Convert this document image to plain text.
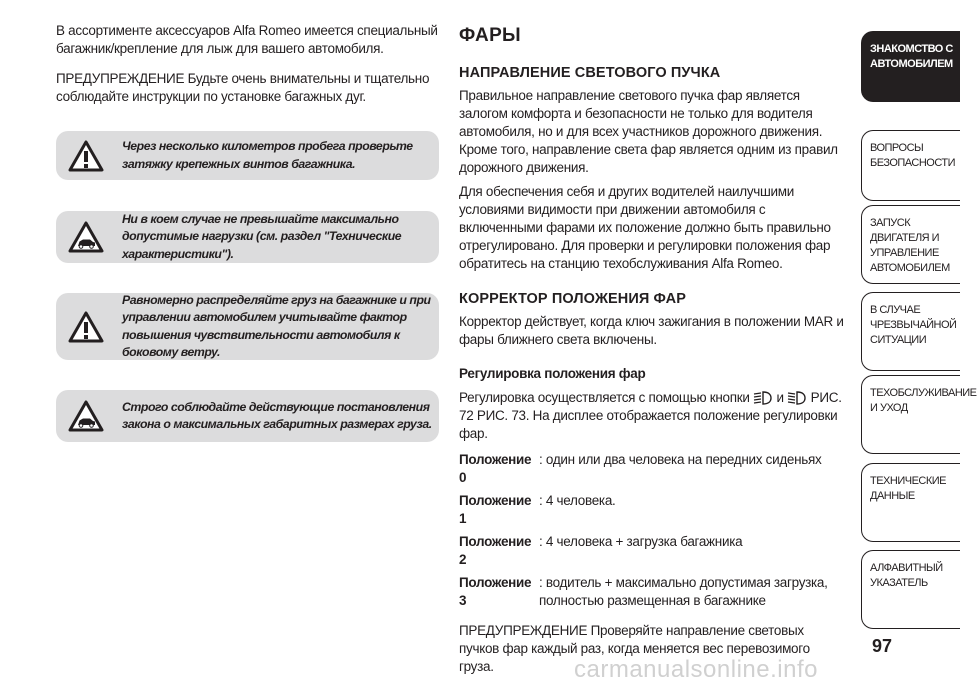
В ассортименте аксессуаров Alfa Romeo имеется специальный багажник/крепление для лыж для вашего автомобиля.

ПРЕДУПРЕЖДЕНИЕ Будьте очень внимательны и тщательно соблюдайте инструкции по установке багажных дуг.

Через несколько километров пробега проверьте затяжку крепежных винтов багажника.
Ни в коем случае не превышайте максимально допустимые нагрузки (см. раздел "Технические характеристики").
Равномерно распределяйте груз на багажнике и при управлении автомобилем учитывайте фактор повышения чувствительности автомобиля к боковому ветру.
Строго соблюдайте действующие постановления закона о максимальных габаритных размерах груза.
ФАРЫ
НАПРАВЛЕНИЕ СВЕТОВОГО ПУЧКА

Правильное направление светового пучка фар является залогом комфорта и безопасности не только для водителя автомобиля, но и для всех участников дорожного движения. Кроме того, направление света фар является одним из правил дорожного движения.

Для обеспечения себя и других водителей наилучшими условиями видимости при движении автомобиля с включенными фарами их положение должно быть правильно отрегулировано. Для проверки и регулировки положения фар обратитесь на станцию техобслуживания Alfa Romeo.

КОРРЕКТОР ПОЛОЖЕНИЯ ФАР

Корректор действует, когда ключ зажигания в положении MAR и фары ближнего света включены.

Регулировка положения фар

Регулировка осуществляется с помощью кнопки и РИС. 72 РИС. 73. На дисплее отображается положение регулировки фар.

Положение 0
: один или два человека на передних сиденьях
Положение 1
: 4 человека.
Положение 2
: 4 человека + загрузка багажника
Положение 3
: водитель + максимально допустимая загрузка, полностью размещенная в багажнике

ПРЕДУПРЕЖДЕНИЕ Проверяйте направление световых пучков фар каждый раз, когда меняется вес перевозимого груза.

ЗНАКОМСТВО С АВТОМОБИЛЕМ
ВОПРОСЫ БЕЗОПАСНОСТИ
ЗАПУСК ДВИГАТЕЛЯ И УПРАВЛЕНИЕ АВТОМОБИЛЕМ
В СЛУЧАЕ ЧРЕЗВЫЧАЙНОЙ СИТУАЦИИ
ТЕХОБСЛУЖИВАНИЕ И УХОД
ТЕХНИЧЕСКИЕ ДАННЫЕ
АЛФАВИТНЫЙ УКАЗАТЕЛЬ
97
carmanualsonline.info
